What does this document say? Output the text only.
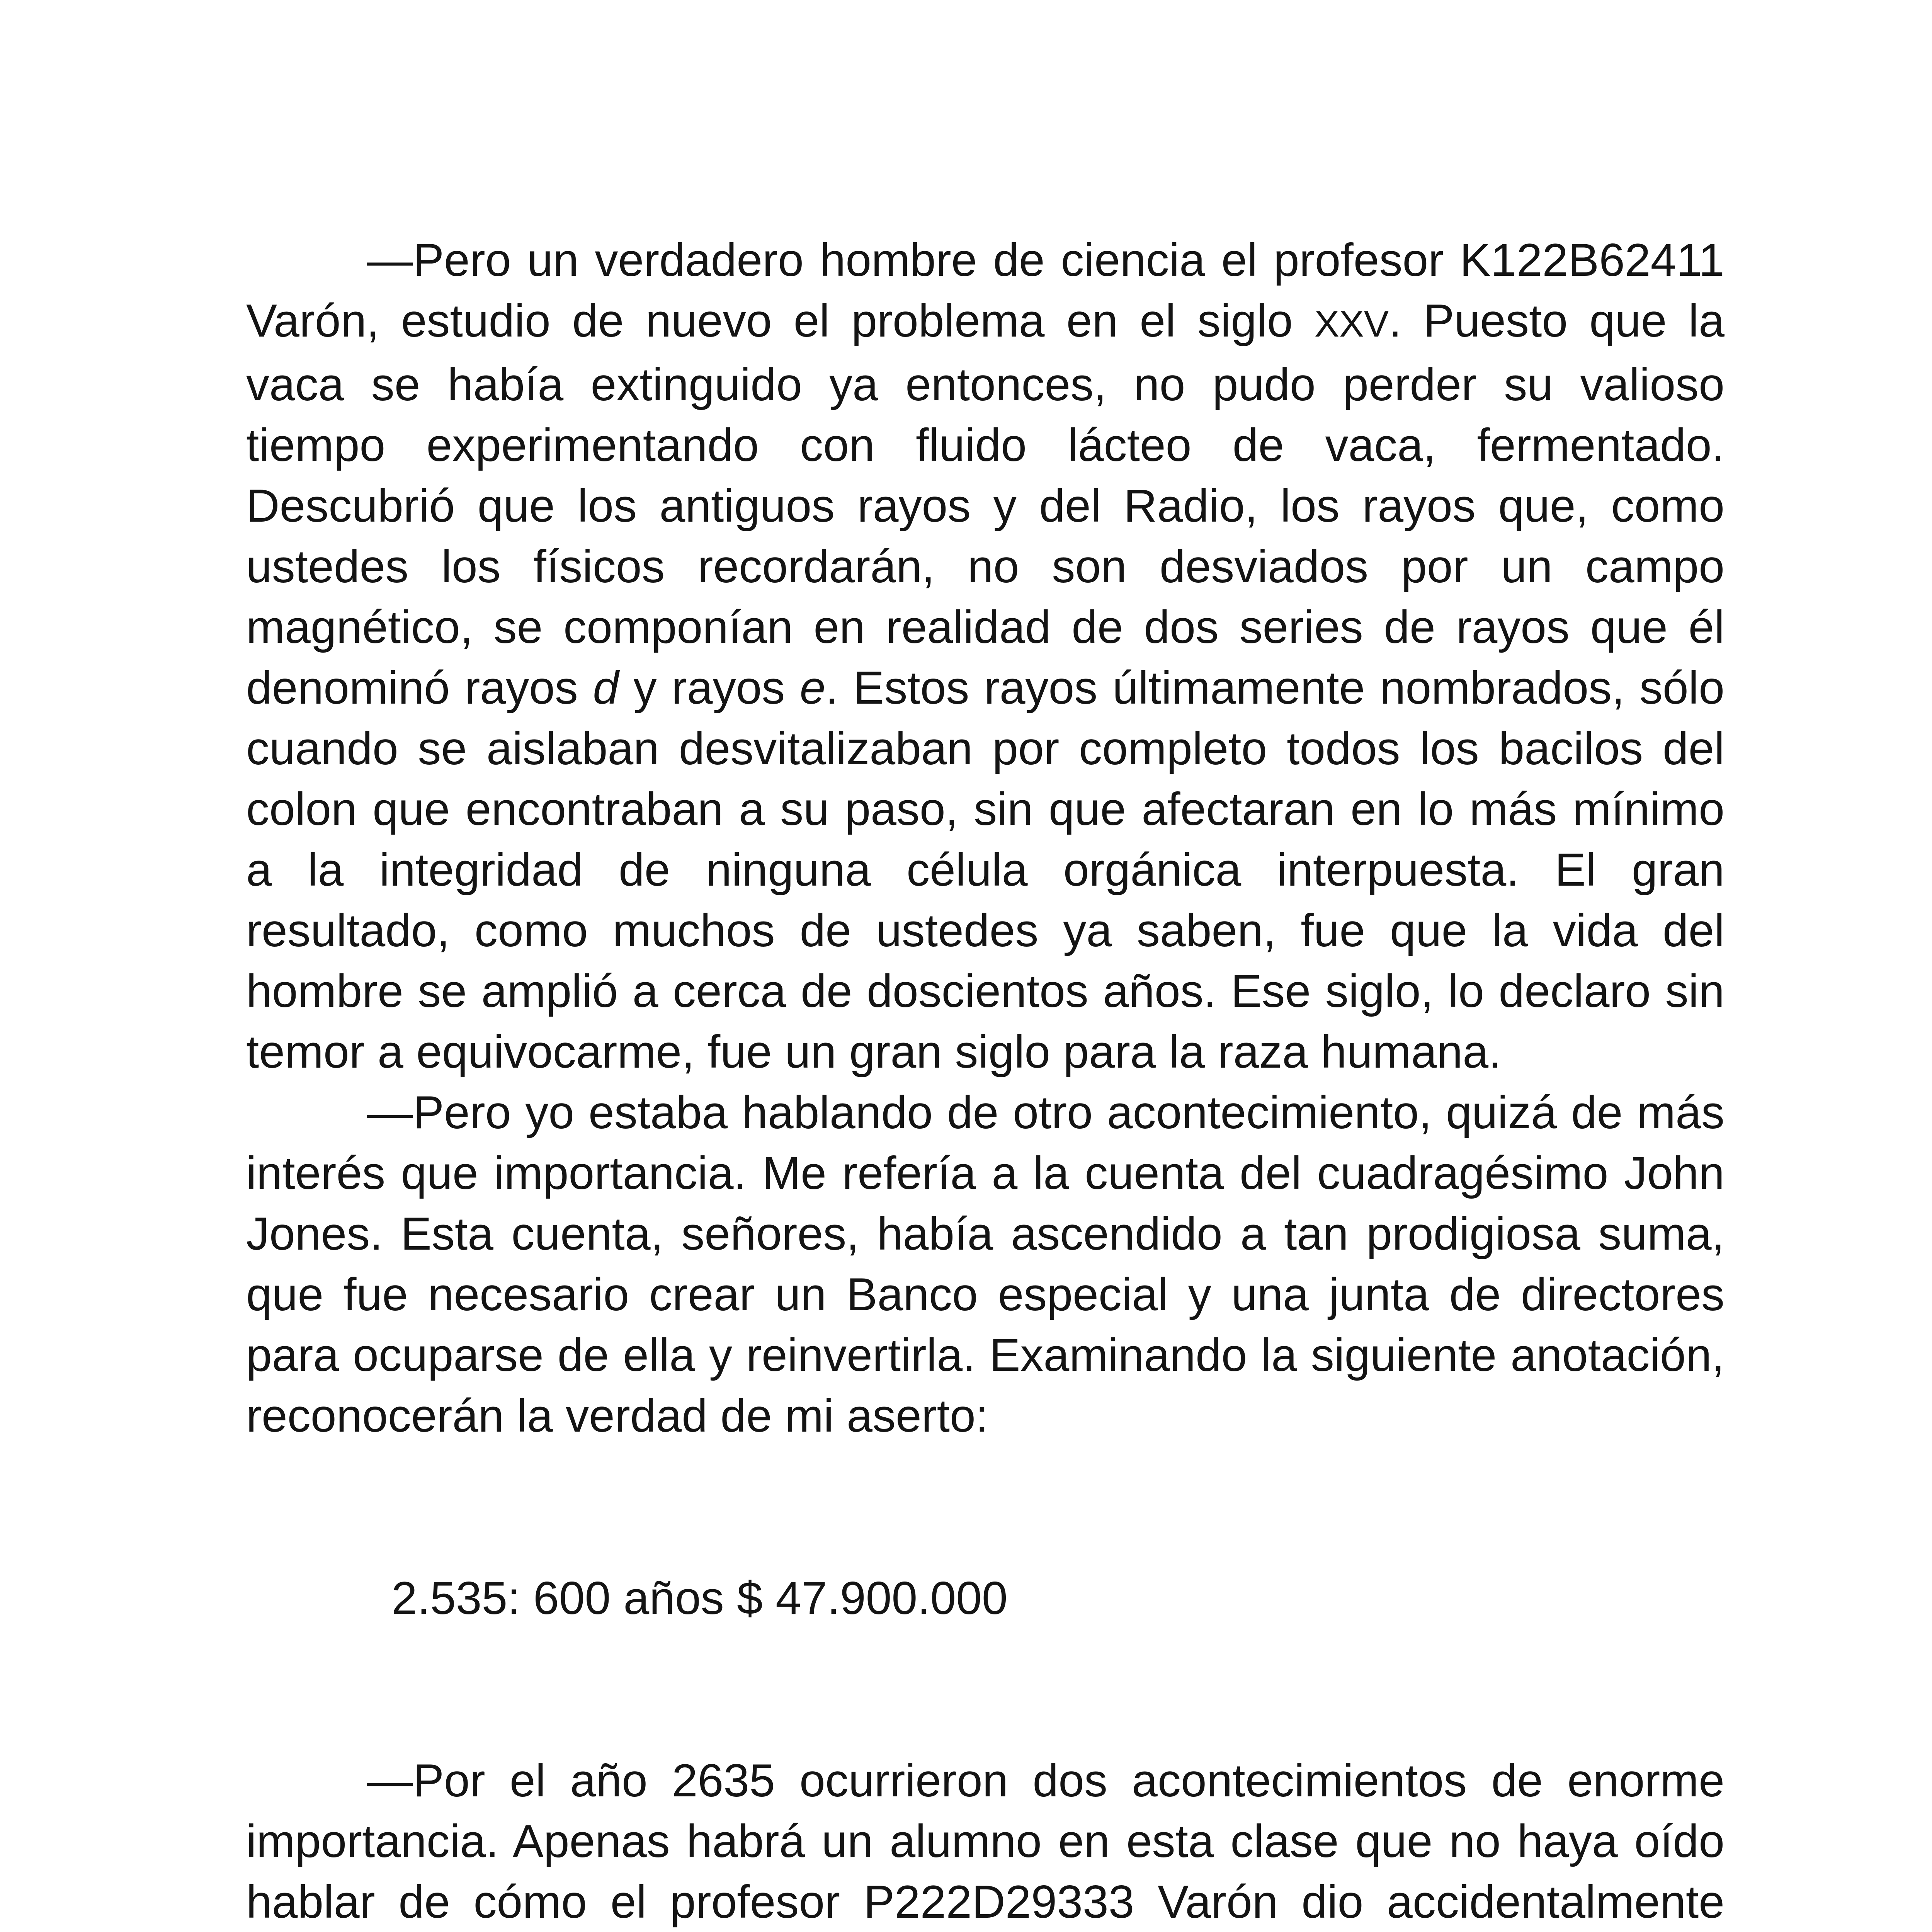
—Pero un verdadero hombre de ciencia el profesor K122B62411 Varón, estudio de nuevo el problema en el siglo XXV. Puesto que la vaca se había extinguido ya entonces, no pudo perder su valioso tiempo experimentando con fluido lácteo de vaca, fermentado. Descubrió que los antiguos rayos y del Radio, los rayos que, como ustedes los físicos recordarán, no son desviados por un campo magnético, se componían en realidad de dos series de rayos que él denominó rayos d y rayos e. Estos rayos últimamente nombrados, sólo cuando se aislaban desvitalizaban por completo todos los bacilos del colon que encontraban a su paso, sin que afectaran en lo más mínimo a la integridad de ninguna célula orgánica interpuesta. El gran resultado, como muchos de ustedes ya saben, fue que la vida del hombre se amplió a cerca de doscientos años. Ese siglo, lo declaro sin temor a equivocarme, fue un gran siglo para la raza humana.

—Pero yo estaba hablando de otro acontecimiento, quizá de más interés que importancia. Me refería a la cuenta del cuadragésimo John Jones. Esta cuenta, señores, había ascendido a tan prodigiosa suma, que fue necesario crear un Banco especial y una junta de directores para ocuparse de ella y reinvertirla. Examinando la siguiente anotación, reconocerán la verdad de mi aserto:

2.535: 600 años $ 47.900.000

—Por el año 2635 ocurrieron dos acontecimientos de enorme importancia. Apenas habrá un alumno en esta clase que no haya oído hablar de cómo el profesor P222D29333 Varón dio accidentalmente
